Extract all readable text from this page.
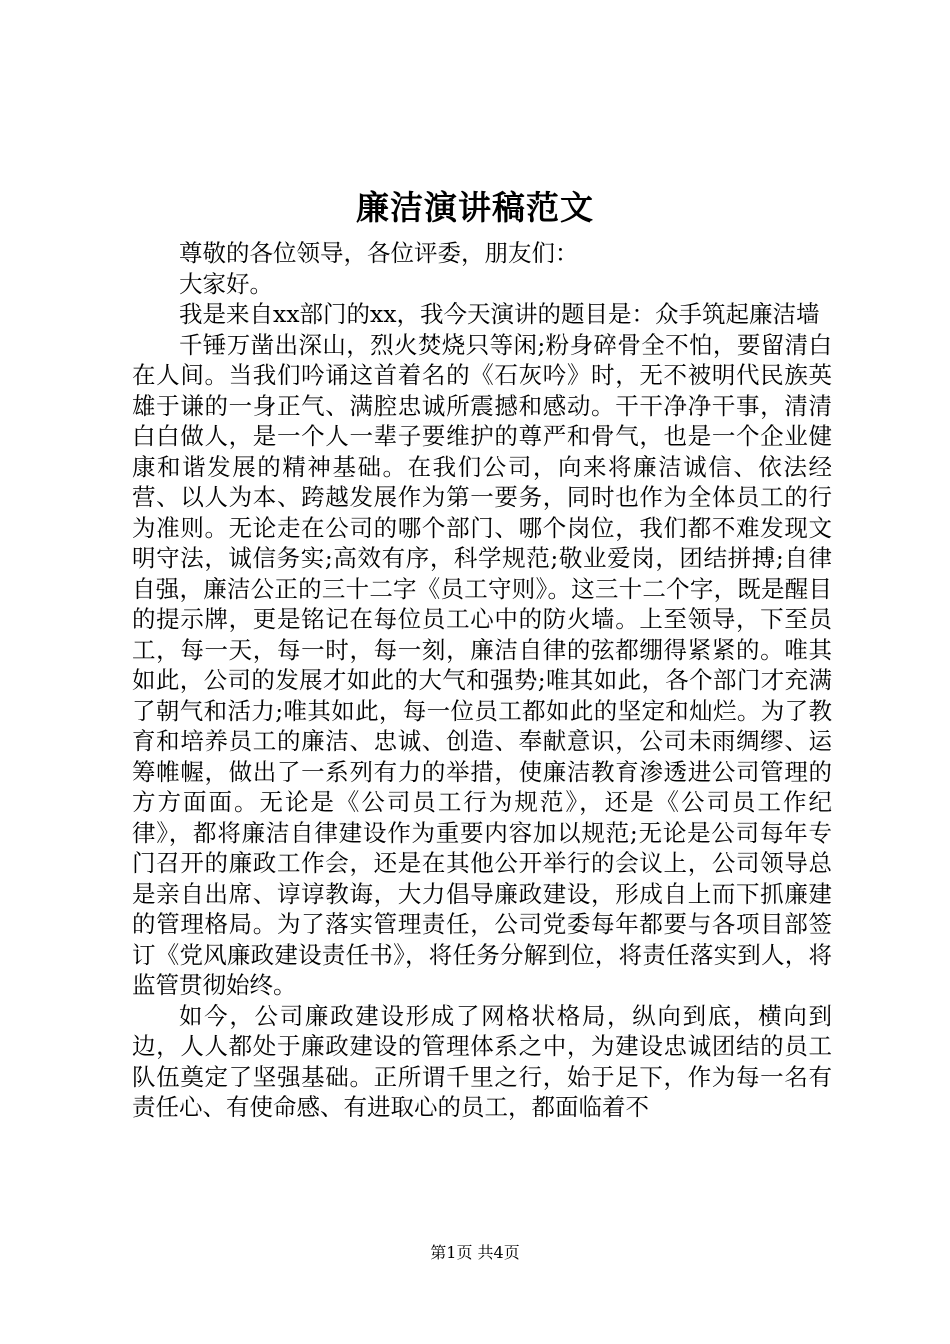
廉洁演讲稿范文

尊敬的各位领导，各位评委，朋友们：

大家好。

我是来自xx部门的xx，我今天演讲的题目是：众手筑起廉洁墙

千锤万凿出深山，烈火焚烧只等闲;粉身碎骨全不怕，要留清白在人间。当我们吟诵这首着名的《石灰吟》时，无不被明代民族英雄于谦的一身正气、满腔忠诚所震撼和感动。干干净净干事，清清白白做人，是一个人一辈子要维护的尊严和骨气，也是一个企业健康和谐发展的精神基础。在我们公司，向来将廉洁诚信、依法经营、以人为本、跨越发展作为第一要务，同时也作为全体员工的行为准则。无论走在公司的哪个部门、哪个岗位，我们都不难发现文明守法，诚信务实;高效有序，科学规范;敬业爱岗，团结拼搏;自律自强，廉洁公正的三十二字《员工守则》。这三十二个字，既是醒目的提示牌，更是铭记在每位员工心中的防火墙。上至领导，下至员工，每一天，每一时，每一刻，廉洁自律的弦都绷得紧紧的。唯其如此，公司的发展才如此的大气和强势;唯其如此，各个部门才充满了朝气和活力;唯其如此，每一位员工都如此的坚定和灿烂。为了教育和培养员工的廉洁、忠诚、创造、奉献意识，公司未雨绸缪、运筹帷幄，做出了一系列有力的举措，使廉洁教育渗透进公司管理的方方面面。无论是《公司员工行为规范》，还是《公司员工作纪律》，都将廉洁自律建设作为重要内容加以规范;无论是公司每年专门召开的廉政工作会，还是在其他公开举行的会议上，公司领导总是亲自出席、谆谆教诲，大力倡导廉政建设，形成自上而下抓廉建的管理格局。为了落实管理责任，公司党委每年都要与各项目部签订《党风廉政建设责任书》，将任务分解到位，将责任落实到人，将监管贯彻始终。

如今，公司廉政建设形成了网格状格局，纵向到底，横向到边，人人都处于廉政建设的管理体系之中，为建设忠诚团结的员工队伍奠定了坚强基础。正所谓千里之行，始于足下，作为每一名有责任心、有使命感、有进取心的员工，都面临着不

第1页 共4页
